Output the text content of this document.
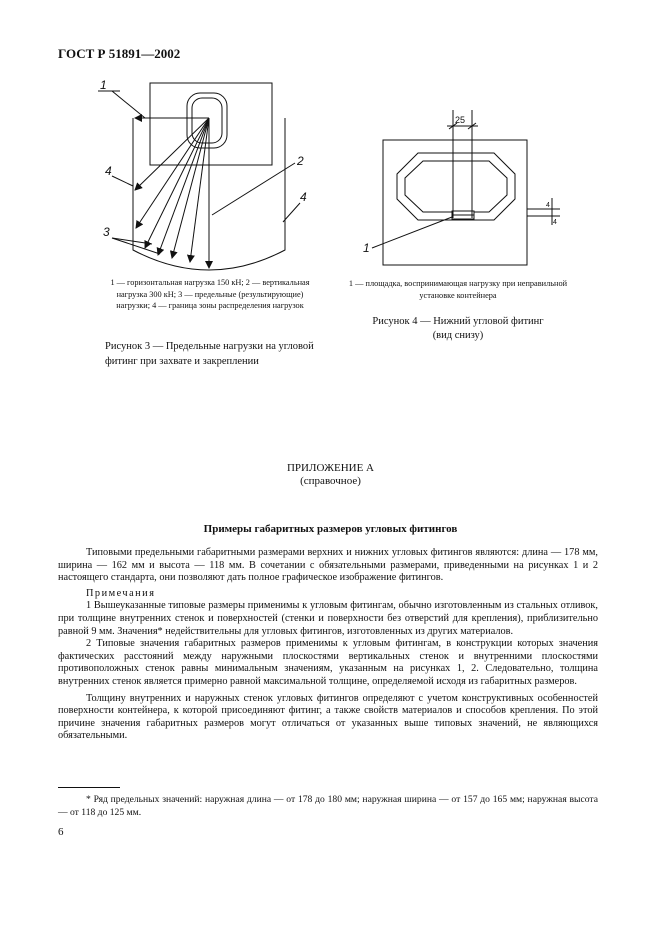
ГОСТ Р 51891—2002
1
2
3
4
4
25
4
4
1
1 — горизонтальная нагрузка 150 кН; 2 — вертикальная нагрузка 300 кН; 3 — предельные (результирующие) нагрузки; 4 — граница зоны распределения нагрузок
Рисунок 3 — Предельные нагрузки на угловой фитинг при захвате и закреплении
1 — площадка, воспринимающая нагрузку при неправильной установке контейнера
Рисунок 4 — Нижний угловой фитинг
(вид снизу)
ПРИЛОЖЕНИЕ А
(справочное)
Примеры габаритных размеров угловых фитингов

Типовыми предельными габаритными размерами верхних и нижних угловых фитингов являются: длина — 178 мм, ширина — 162 мм и высота — 118 мм. В сочетании с обязательными размерами, приведенными на рисунках 1 и 2 настоящего стандарта, они позволяют дать полное графическое изображение фитингов.

Примечания

1 Вышеуказанные типовые размеры применимы к угловым фитингам, обычно изготовленным из стальных отливок, при толщине внутренних стенок и поверхностей (стенки и поверхности без отверстий для крепления), приблизительно равной 9 мм. Значения* недействительны для угловых фитингов, изготовленных из других материалов.

2 Типовые значения габаритных размеров применимы к угловым фитингам, в конструкции которых значения фактических расстояний между наружными плоскостями вертикальных стенок и внутренними плоскостями противоположных стенок равны минимальным значениям, указанным на рисунках 1, 2. Следовательно, толщина внутренних стенок является примерно равной максимальной толщине, определяемой исходя из габаритных размеров.

Толщину внутренних и наружных стенок угловых фитингов определяют с учетом конструктивных особенностей поверхности контейнера, к которой присоединяют фитинг, а также свойств материалов и способов крепления. По этой причине значения габаритных размеров могут отличаться от указанных выше типовых значений, не являющихся обязательными.

* Ряд предельных значений: наружная длина — от 178 до 180 мм; наружная ширина — от 157 до 165 мм; наружная высота — от 118 до 125 мм.

6
